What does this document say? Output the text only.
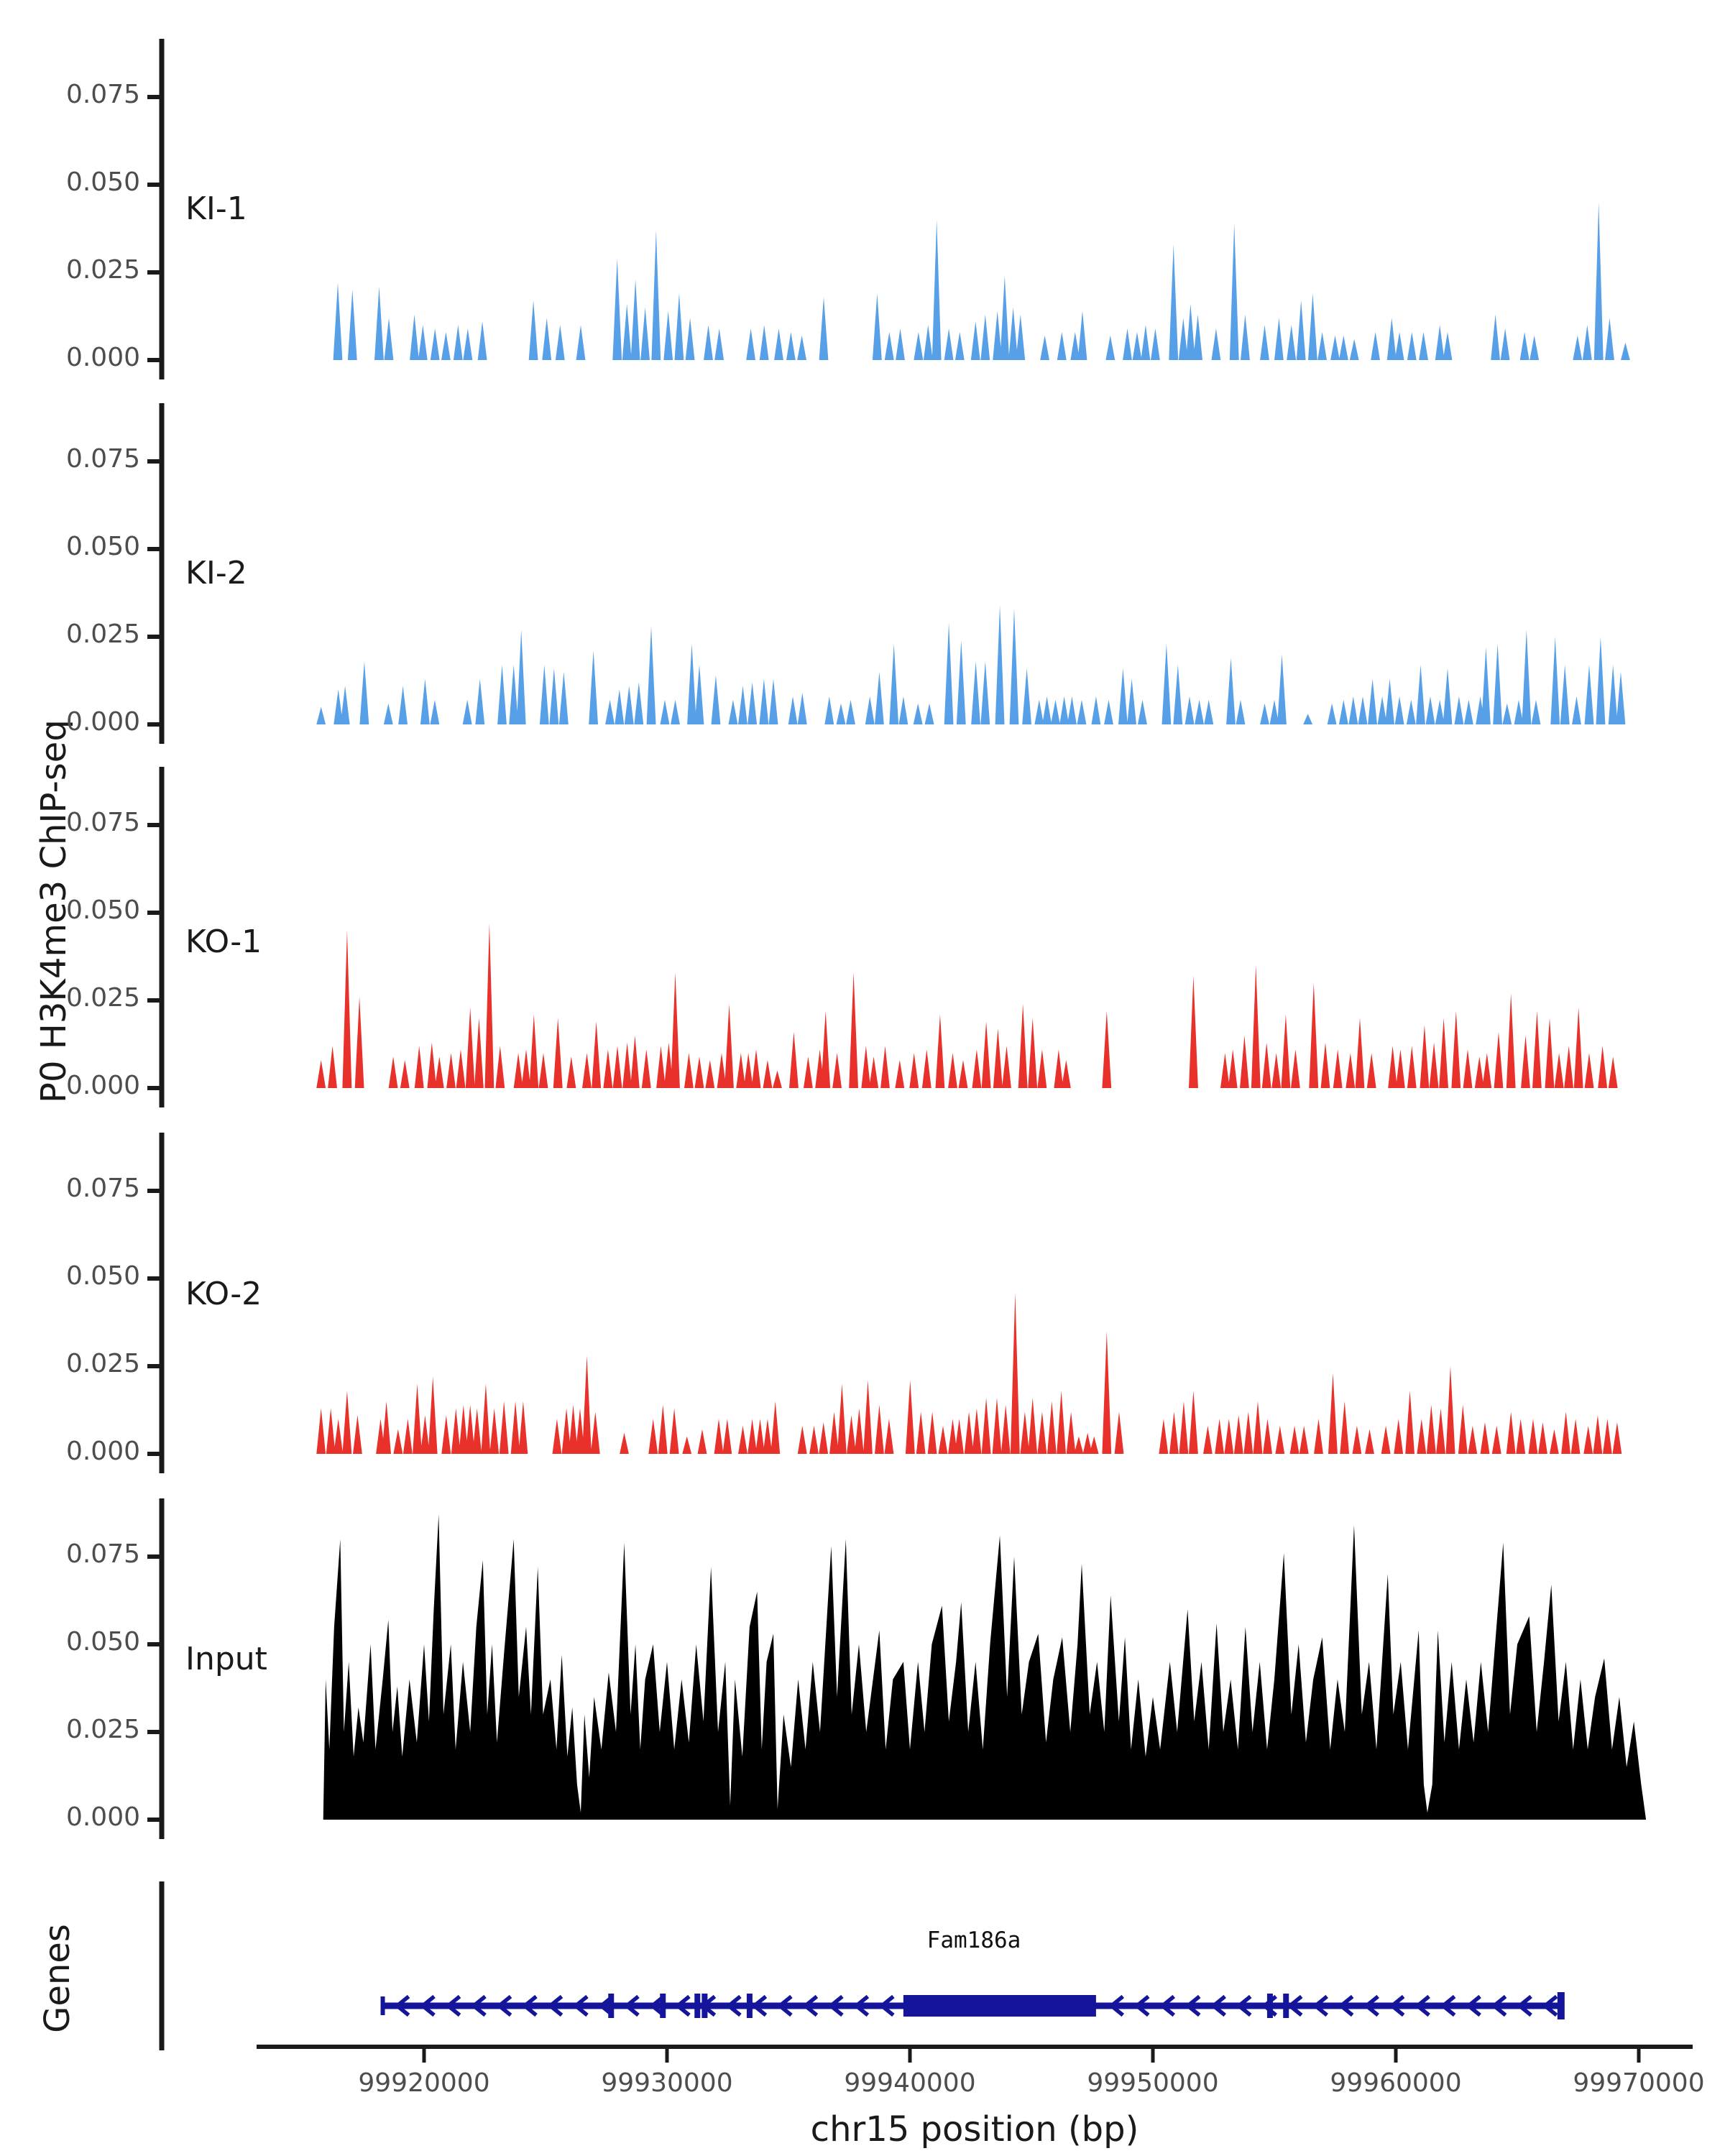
P0 H3K4me3 ChIP-seq
Genes
KI-1
KI-2
KO-1
KO-2
Input
Fam186a
chr15 position (bp)
0.075
0.050
0.025
0.000
0.075
0.050
0.025
0.000
0.075
0.050
0.025
0.000
0.075
0.050
0.025
0.000
0.075
0.050
0.025
0.000
99920000	99930000	99940000	99950000	99960000	99970000
